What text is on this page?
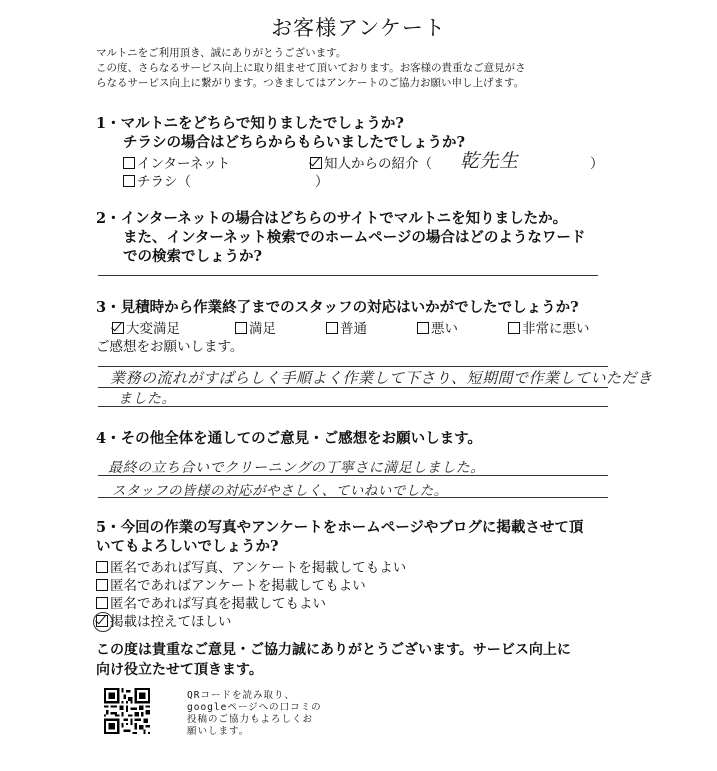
お客様アンケート
マルトニをご利用頂き、誠にありがとうございます。
この度、さらなるサービス向上に取り組ませて頂いております。お客様の貴重なご意見がさ
らなるサービス向上に繋がります。つきましてはアンケートのご協力お願い申し上げます。
1・マルトニをどちらで知りましたでしょうか?
チラシの場合はどちらからもらいましたでしょうか?
インターネット	知人からの紹介（ 乾先生	）
チラシ（	）
2・インターネットの場合はどちらのサイトでマルトニを知りましたか。
また、インターネット検索でのホームページの場合はどのようなワード
での検索でしょうか?
3・見積時から作業終了までのスタッフの対応はいかがでしたでしょうか?
大変満足	満足	普通	悪い	非常に悪い
ご感想をお願いします。
業務の流れがすばらしく手順よく作業して下さり、短期間で作業していただき
ました。
4・その他全体を通してのご意見・ご感想をお願いします。
最終の立ち合いでクリーニングの丁寧さに満足しました。
スタッフの皆様の対応がやさしく、ていねいでした。
5・今回の作業の写真やアンケートをホームページやブログに掲載させて頂
いてもよろしいでしょうか?
匿名であれば写真、アンケートを掲載してもよい
匿名であればアンケートを掲載してもよい
匿名であれば写真を掲載してもよい
掲載は控えてほしい
この度は貴重なご意見・ご協力誠にありがとうございます。サービス向上に
向け役立たせて頂きます。
QRコードを読み取り、
googleページへの口コミの
投稿のご協力もよろしくお
願いします。
